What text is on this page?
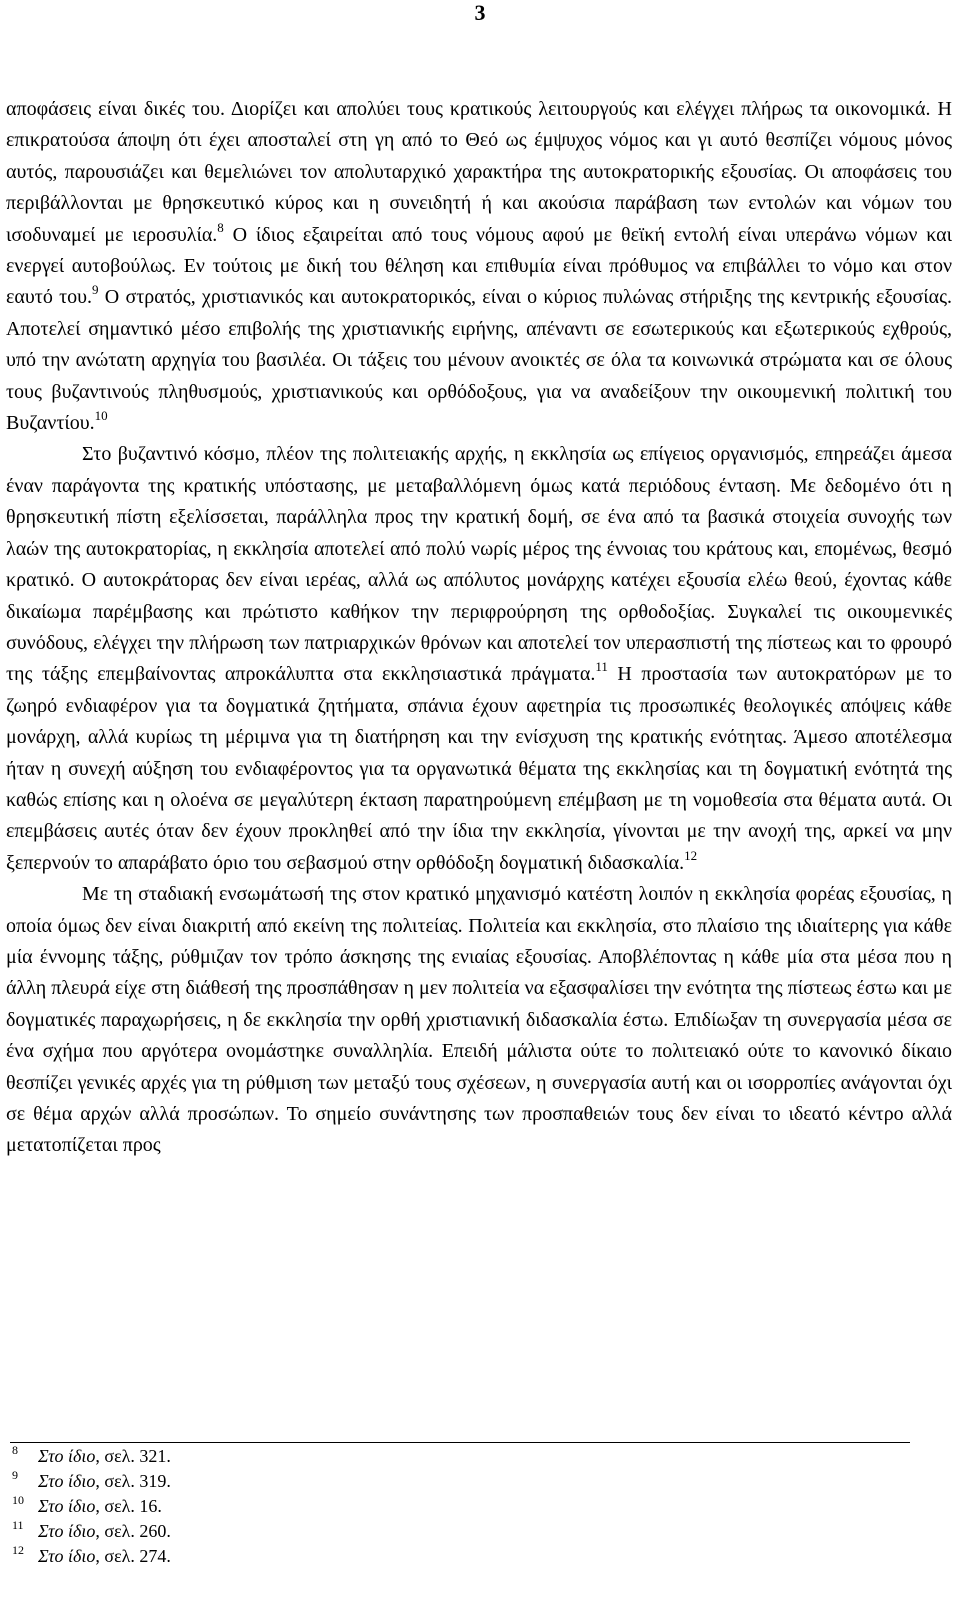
3

αποφάσεις είναι δικές του. Διορίζει και απολύει τους κρατικούς λειτουργούς και ελέγχει πλήρως τα οικονομικά. Η επικρατούσα άποψη ότι έχει αποσταλεί στη γη από το Θεό ως έμψυχος νόμος και γι αυτό θεσπίζει νόμους μόνος αυτός, παρουσιάζει και θεμελιώνει τον απολυταρχικό χαρακτήρα της αυτοκρατορικής εξουσίας. Οι αποφάσεις του περιβάλλονται με θρησκευτικό κύρος και η συνειδητή ή και ακούσια παράβαση των εντολών και νόμων του ισοδυναμεί με ιεροσυλία.$^8$ Ο ίδιος εξαιρείται από τους νόμους αφού με θεϊκή εντολή είναι υπεράνω νόμων και ενεργεί αυτοβούλως. Εν τούτοις με δική του θέληση και επιθυμία είναι πρόθυμος να επιβάλλει το νόμο και στον εαυτό του.$^9$ Ο στρατός, χριστιανικός και αυτοκρατορικός, είναι ο κύριος πυλώνας στήριξης της κεντρικής εξουσίας. Αποτελεί σημαντικό μέσο επιβολής της χριστιανικής ειρήνης, απέναντι σε εσωτερικούς και εξωτερικούς εχθρούς, υπό την ανώτατη αρχηγία του βασιλέα. Οι τάξεις του μένουν ανοικτές σε όλα τα κοινωνικά στρώματα και σε όλους τους βυζαντινούς πληθυσμούς, χριστιανικούς και ορθόδοξους, για να αναδείξουν την οικουμενική πολιτική του Βυζαντίου.$^{10}$

Στο βυζαντινό κόσμο, πλέον της πολιτειακής αρχής, η εκκλησία ως επίγειος οργανισμός, επηρεάζει άμεσα έναν παράγοντα της κρατικής υπόστασης, με μεταβαλλόμενη όμως κατά περιόδους ένταση. Με δεδομένο ότι η θρησκευτική πίστη εξελίσσεται, παράλληλα προς την κρατική δομή, σε ένα από τα βασικά στοιχεία συνοχής των λαών της αυτοκρατορίας, η εκκλησία αποτελεί από πολύ νωρίς μέρος της έννοιας του κράτους και, επομένως, θεσμό κρατικό. Ο αυτοκράτορας δεν είναι ιερέας, αλλά ως απόλυτος μονάρχης κατέχει εξουσία ελέω θεού, έχοντας κάθε δικαίωμα παρέμβασης και πρώτιστο καθήκον την περιφρούρηση της ορθοδοξίας. Συγκαλεί τις οικουμενικές συνόδους, ελέγχει την πλήρωση των πατριαρχικών θρόνων και αποτελεί τον υπερασπιστή της πίστεως και το φρουρό της τάξης επεμβαίνοντας απροκάλυπτα στα εκκλησιαστικά πράγματα.$^{11}$ Η προστασία των αυτοκρατόρων με το ζωηρό ενδιαφέρον για τα δογματικά ζητήματα, σπάνια έχουν αφετηρία τις προσωπικές θεολογικές απόψεις κάθε μονάρχη, αλλά κυρίως τη μέριμνα για τη διατήρηση και την ενίσχυση της κρατικής ενότητας. Άμεσο αποτέλεσμα ήταν η συνεχή αύξηση του ενδιαφέροντος για τα οργανωτικά θέματα της εκκλησίας και τη δογματική ενότητά της καθώς επίσης και η ολοένα σε μεγαλύτερη έκταση παρατηρούμενη επέμβαση με τη νομοθεσία στα θέματα αυτά. Οι επεμβάσεις αυτές όταν δεν έχουν προκληθεί από την ίδια την εκκλησία, γίνονται με την ανοχή της, αρκεί να μην ξεπερνούν το απαράβατο όριο του σεβασμού στην ορθόδοξη δογματική διδασκαλία.$^{12}$

Με τη σταδιακή ενσωμάτωσή της στον κρατικό μηχανισμό κατέστη λοιπόν η εκκλησία φορέας εξουσίας, η οποία όμως δεν είναι διακριτή από εκείνη της πολιτείας. Πολιτεία και εκκλησία, στο πλαίσιο της ιδιαίτερης για κάθε μία έννομης τάξης, ρύθμιζαν τον τρόπο άσκησης της ενιαίας εξουσίας. Αποβλέποντας η κάθε μία στα μέσα που η άλλη πλευρά είχε στη διάθεσή της προσπάθησαν η μεν πολιτεία να εξασφαλίσει την ενότητα της πίστεως έστω και με δογματικές παραχωρήσεις, η δε εκκλησία την ορθή χριστιανική διδασκαλία έστω. Επιδίωξαν τη συνεργασία μέσα σε ένα σχήμα που αργότερα ονομάστηκε συναλληλία. Επειδή μάλιστα ούτε το πολιτειακό ούτε το κανονικό δίκαιο θεσπίζει γενικές αρχές για τη ρύθμιση των μεταξύ τους σχέσεων, η συνεργασία αυτή και οι ισορροπίες ανάγονται όχι σε θέμα αρχών αλλά προσώπων. Το σημείο συνάντησης των προσπαθειών τους δεν είναι το ιδεατό κέντρο αλλά μετατοπίζεται προς

$^8$ Στο ίδιο, σελ. 321.
$^9$ Στο ίδιο, σελ. 319.
$^{10}$ Στο ίδιο, σελ. 16.
$^{11}$ Στο ίδιο, σελ. 260.
$^{12}$ Στο ίδιο, σελ. 274.
